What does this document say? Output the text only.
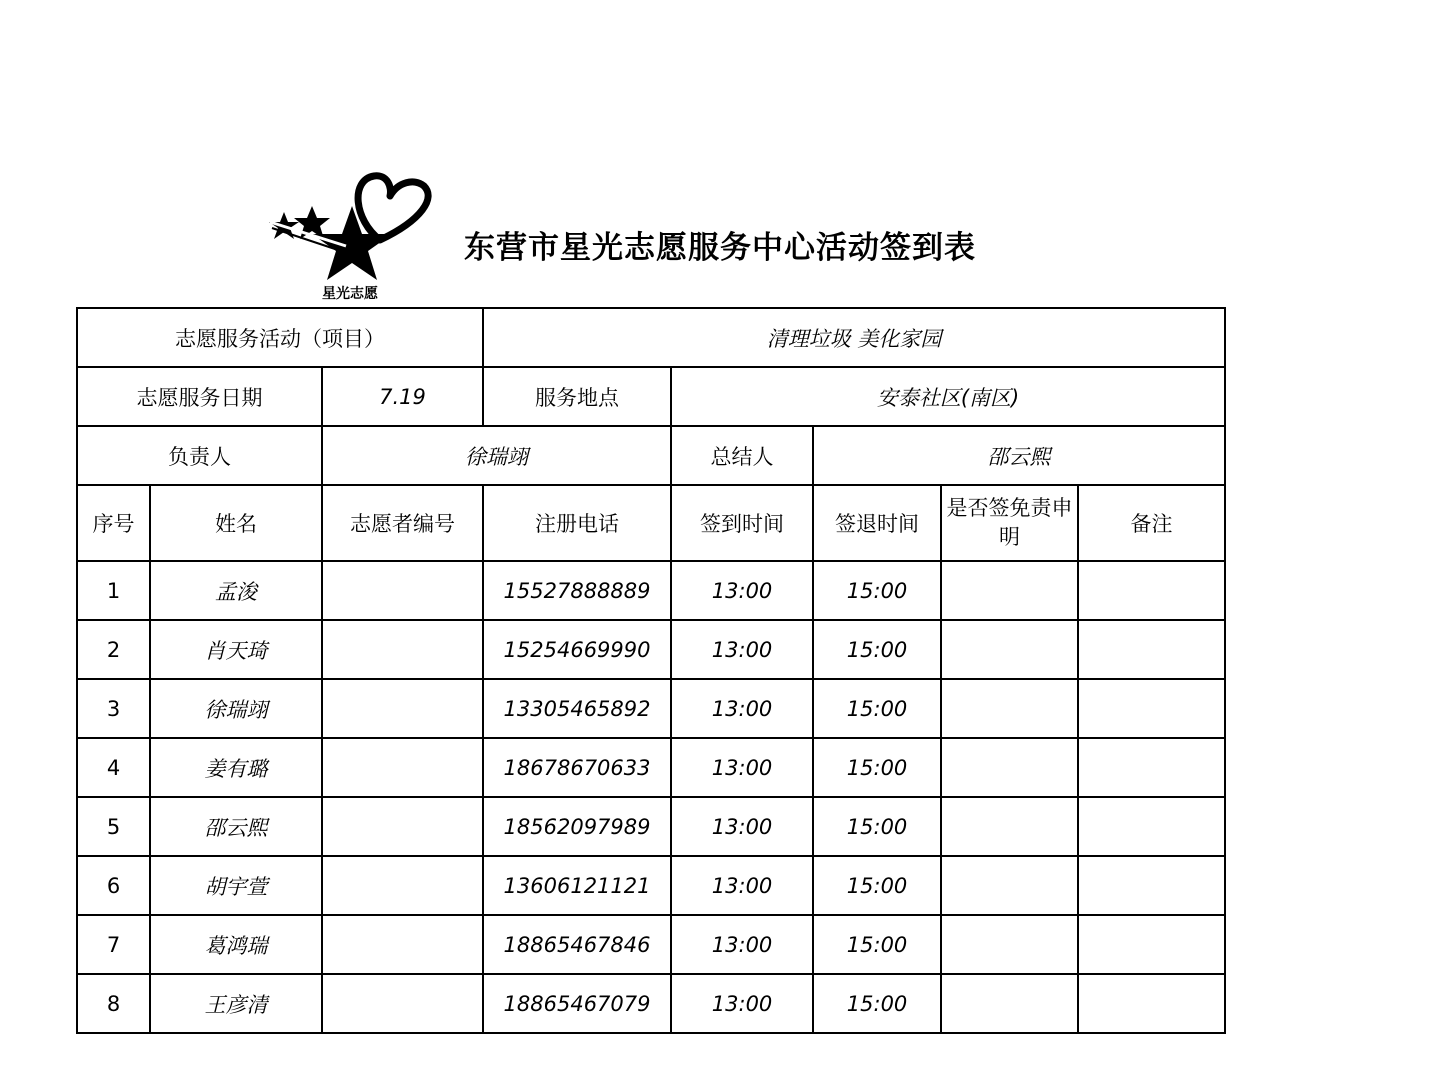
星光志愿
东营市星光志愿服务中心活动签到表
志愿服务活动（项目）			清理垃圾 美化家园				
志愿服务日期		7.19	服务地点	安泰社区(南区)			
负责人		徐瑞翊		总结人	邵云熙		
序号	姓名	志愿者编号	注册电话	签到时间	签退时间	是否签免责申明	备注
1	孟浚		15527888889	13:00	15:00		
2	肖天琦		15254669990	13:00	15:00		
3	徐瑞翊		13305465892	13:00	15:00		
4	姜有璐		18678670633	13:00	15:00		
5	邵云熙		18562097989	13:00	15:00		
6	胡宇萱		13606121121	13:00	15:00		
7	葛鸿瑞		18865467846	13:00	15:00		
8	王彦清		18865467079	13:00	15:00		
